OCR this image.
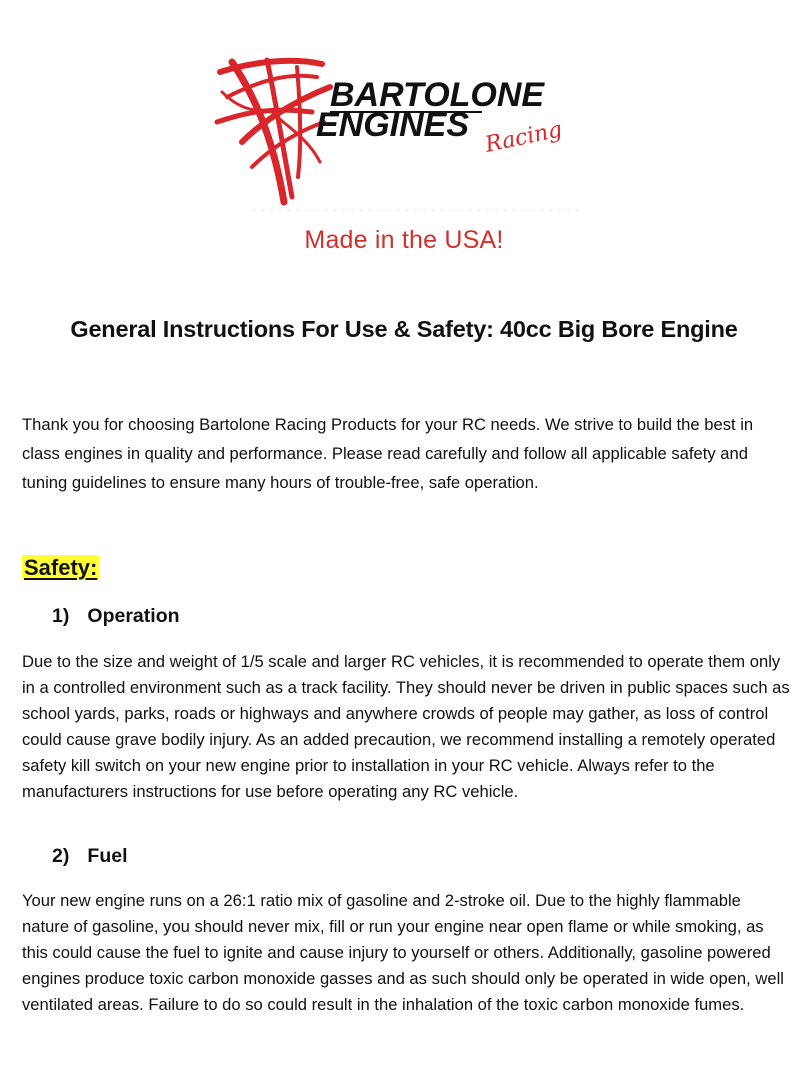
BARTOLONE
ENGINES Racing
Made in the USA!
General Instructions For Use & Safety: 40cc Big Bore Engine

Thank you for choosing Bartolone Racing Products for your RC needs. We strive to build the best in class engines in quality and performance. Please read carefully and follow all applicable safety and tuning guidelines to ensure many hours of trouble-free, safe operation.

Safety:
1) Operation

Due to the size and weight of 1/5 scale and larger RC vehicles, it is recommended to operate them only in a controlled environment such as a track facility. They should never be driven in public spaces such as school yards, parks, roads or highways and anywhere crowds of people may gather, as loss of control could cause grave bodily injury. As an added precaution, we recommend installing a remotely operated safety kill switch on your new engine prior to installation in your RC vehicle. Always refer to the manufacturers instructions for use before operating any RC vehicle.

2) Fuel

Your new engine runs on a 26:1 ratio mix of gasoline and 2-stroke oil. Due to the highly flammable nature of gasoline, you should never mix, fill or run your engine near open flame or while smoking, as this could cause the fuel to ignite and cause injury to yourself or others. Additionally, gasoline powered engines produce toxic carbon monoxide gasses and as such should only be operated in wide open, well ventilated areas. Failure to do so could result in the inhalation of the toxic carbon monoxide fumes.
